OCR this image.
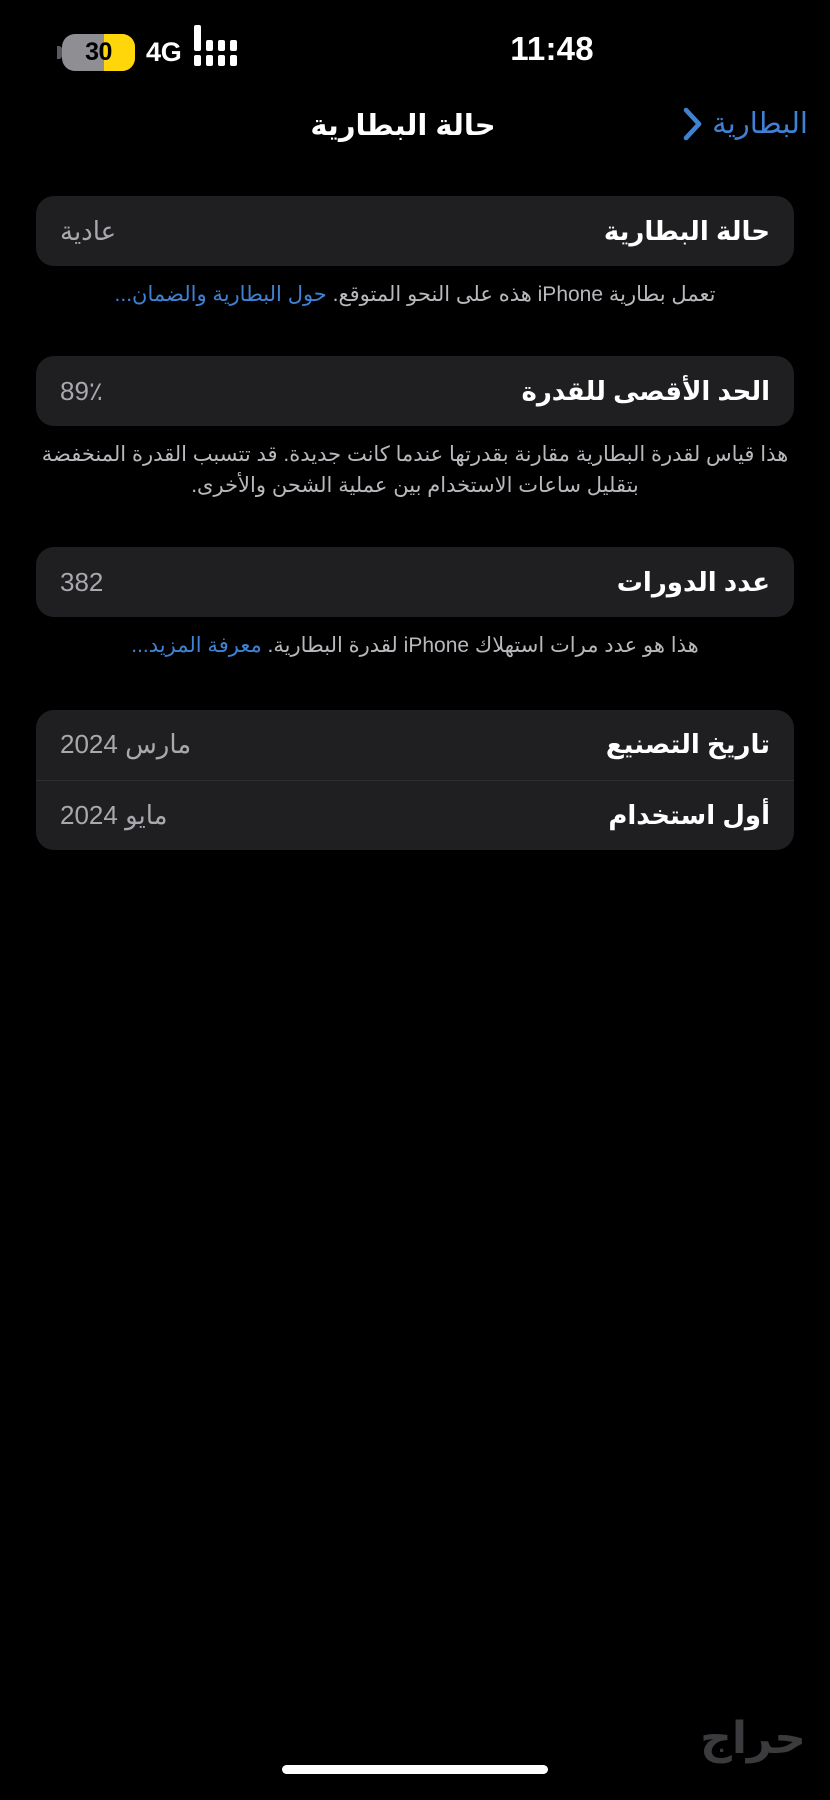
30 4G	11:48
البطارية
حالة البطارية
حالة البطارية
عادية
تعمل بطارية iPhone هذه على النحو المتوقع. حول البطارية والضمان...
الحد الأقصى للقدرة
89٪
هذا قياس لقدرة البطارية مقارنة بقدرتها عندما كانت جديدة. قد تتسبب القدرة المنخفضة بتقليل ساعات الاستخدام بين عملية الشحن والأخرى.
عدد الدورات
382
هذا هو عدد مرات استهلاك iPhone لقدرة البطارية. معرفة المزيد...
تاريخ التصنيع
مارس 2024
أول استخدام
مايو 2024
حراج
